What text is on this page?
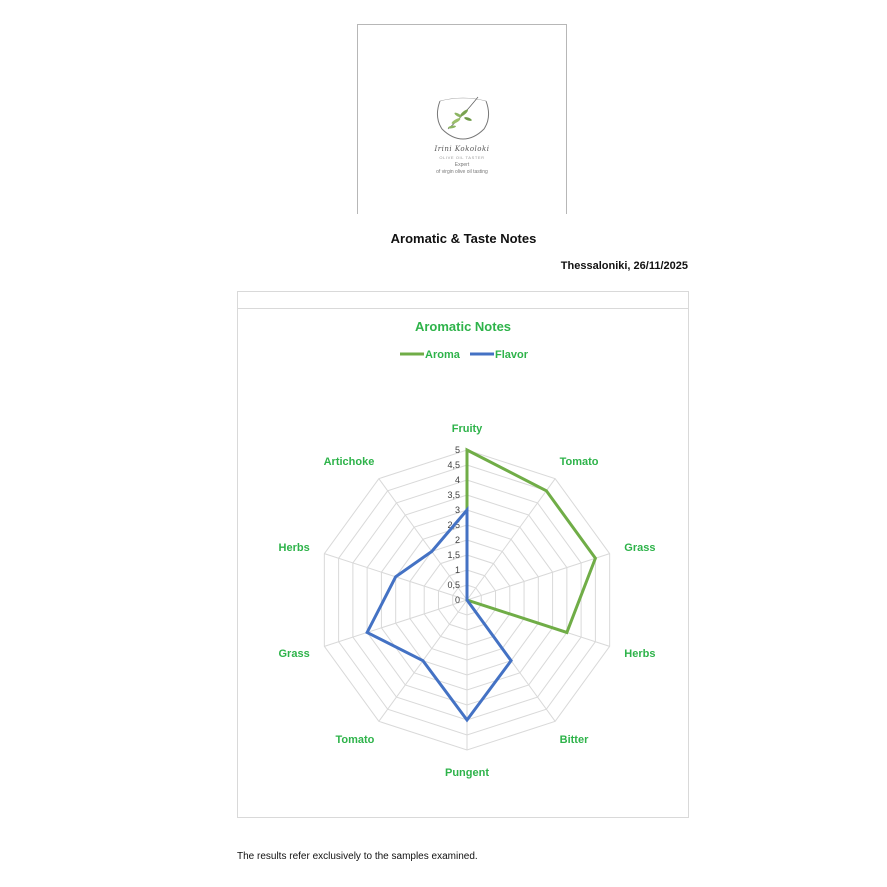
Irini Kokoloki
OLIVE OIL TASTER
Expert
of virgin olive oil tasting
Aromatic & Taste Notes
Thessaloniki, 26/11/2025
Aromatic Notes
Aroma	Flavor
0
0,5
1
1,5
2
2,5
3
3,5
4
4,5
5
Fruity
Tomato
Grass
Herbs
Bitter
Pungent
Tomato
Grass
Herbs
Artichoke
The results refer exclusively to the samples examined.
